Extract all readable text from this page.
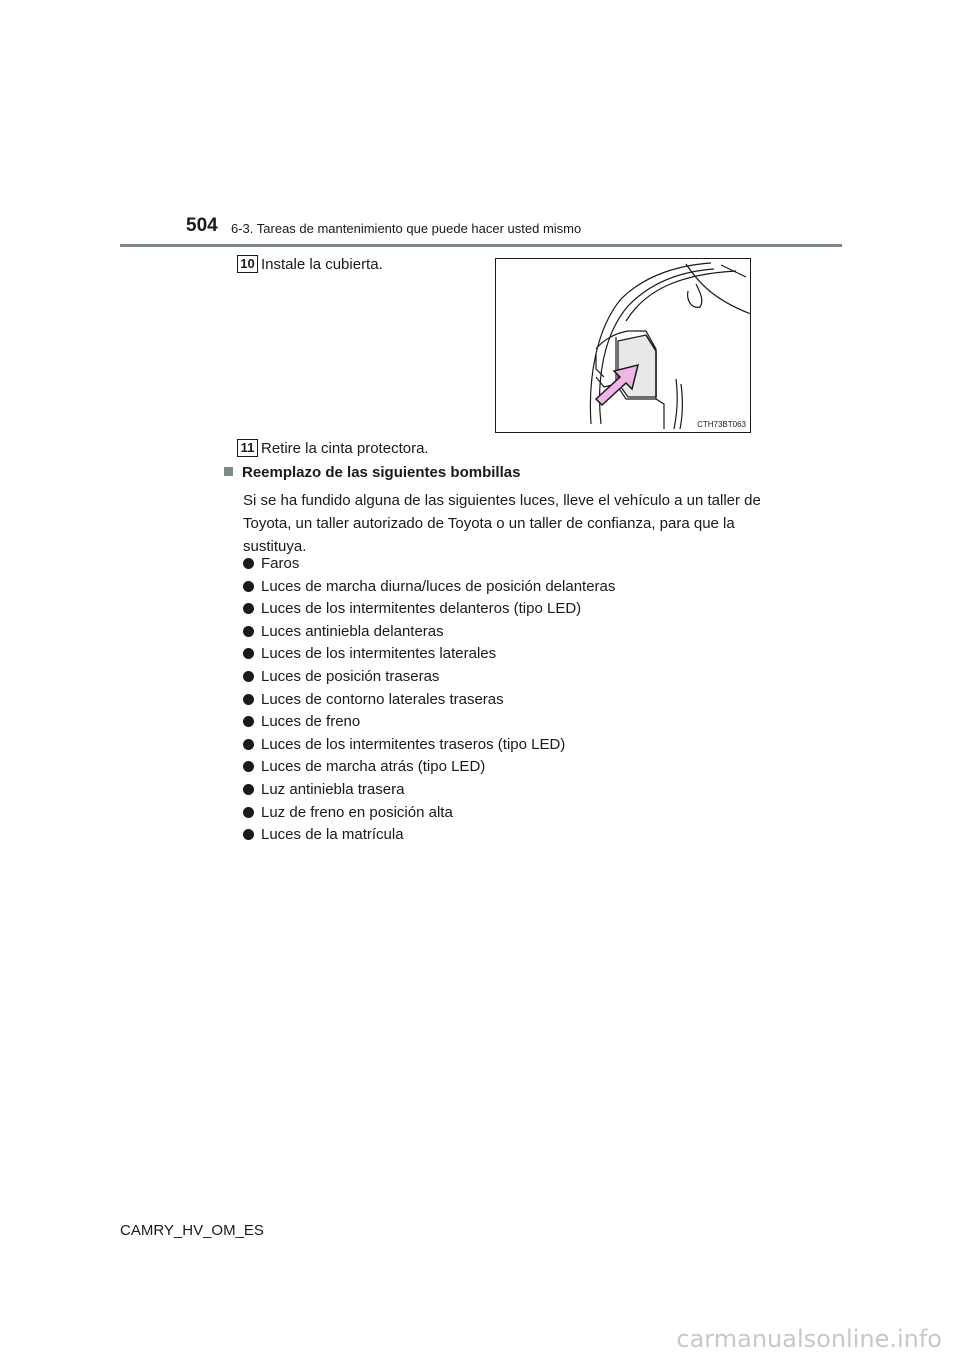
504 6-3. Tareas de mantenimiento que puede hacer usted mismo
10 Instale la cubierta.
CTH73BT063
11 Retire la cinta protectora.
Reemplazo de las siguientes bombillas
Si se ha fundido alguna de las siguientes luces, lleve el vehículo a un taller de Toyota, un taller autorizado de Toyota o un taller de confianza, para que la sustituya.
Faros
Luces de marcha diurna/luces de posición delanteras
Luces de los intermitentes delanteros (tipo LED)
Luces antiniebla delanteras
Luces de los intermitentes laterales
Luces de posición traseras
Luces de contorno laterales traseras
Luces de freno
Luces de los intermitentes traseros (tipo LED)
Luces de marcha atrás (tipo LED)
Luz antiniebla trasera
Luz de freno en posición alta
Luces de la matrícula
CAMRY_HV_OM_ES
carmanualsonline.info
